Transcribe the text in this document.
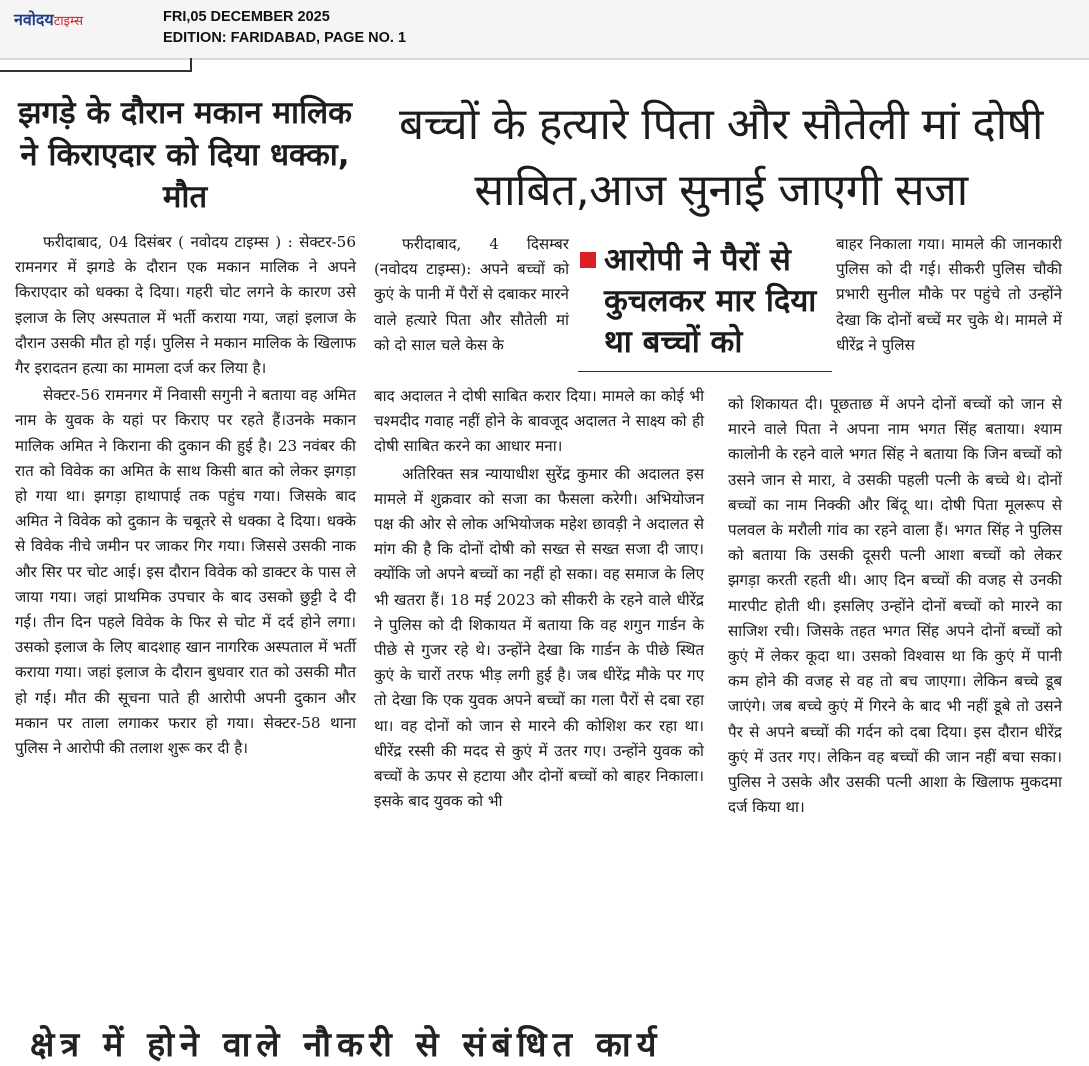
नवोदयटाइम्स	FRI,05 DECEMBER 2025
EDITION: FARIDABAD, PAGE NO. 1
झगड़े के दौरान मकान मालिक ने किराएदार को दिया धक्का, मौत
बच्चों के हत्यारे पिता और सौतेली मां दोषी साबित,आज सुनाई जाएगी सजा

फरीदाबाद, 04 दिसंबर ( नवोदय टाइम्स ) : सेक्टर-56 रामनगर में झगडे के दौरान एक मकान मालिक ने अपने किराएदार को धक्का दे दिया। गहरी चोट लगने के कारण उसे इलाज के लिए अस्पताल में भर्ती कराया गया, जहां इलाज के दौरान उसकी मौत हो गई। पुलिस ने मकान मालिक के खिलाफ गैर इरादतन हत्या का मामला दर्ज कर लिया है।

सेक्टर-56 रामनगर में निवासी सगुनी ने बताया वह अमित नाम के युवक के यहां पर किराए पर रहते हैं।उनके मकान मालिक अमित ने किराना की दुकान की हुई है। 23 नवंबर की रात को विवेक का अमित के साथ किसी बात को लेकर झगड़ा हो गया था। झगड़ा हाथापाई तक पहुंच गया। जिसके बाद अमित ने विवेक को दुकान के चबूतरे से धक्का दे दिया। धक्के से विवेक नीचे जमीन पर जाकर गिर गया। जिससे उसकी नाक और सिर पर चोट आई। इस दौरान विवेक को डाक्टर के पास ले जाया गया। जहां प्राथमिक उपचार के बाद उसको छुट्टी दे दी गई। तीन दिन पहले विवेक के फिर से चोट में दर्द होने लगा। उसको इलाज के लिए बादशाह खान नागरिक अस्पताल में भर्ती कराया गया। जहां इलाज के दौरान बुधवार रात को उसकी मौत हो गई। मौत की सूचना पाते ही आरोपी अपनी दुकान और मकान पर ताला लगाकर फरार हो गया। सेक्टर-58 थाना पुलिस ने आरोपी की तलाश शुरू कर दी है।

फरीदाबाद, 4 दिसम्बर (नवोदय टाइम्स): अपने बच्चों को कुएं के पानी में पैरों से दबाकर मारने वाले हत्यारे पिता और सौतेली मां को दो साल चले केस के

आरोपी ने पैरों से कुचलकर मार दिया था बच्चों को

बाद अदालत ने दोषी साबित करार दिया। मामले का कोई भी चश्मदीद गवाह नहीं होने के बावजूद अदालत ने साक्ष्य को ही दोषी साबित करने का आधार मना।

अतिरिक्त सत्र न्यायाधीश सुरेंद्र कुमार की अदालत इस मामले में शुक्रवार को सजा का फैसला करेगी। अभियोजन पक्ष की ओर से लोक अभियोजक महेश छावड़ी ने अदालत से मांग की है कि दोनों दोषी को सख्त से सख्त सजा दी जाए। क्योंकि जो अपने बच्चों का नहीं हो सका। वह समाज के लिए भी खतरा हैं। 18 मई 2023 को सीकरी के रहने वाले धीरेंद्र ने पुलिस को दी शिकायत में बताया कि वह शगुन गार्डन के पीछे से गुजर रहे थे। उन्होंने देखा कि गार्डन के पीछे स्थित कुएं के चारों तरफ भीड़ लगी हुई है। जब धीरेंद्र मौके पर गए तो देखा कि एक युवक अपने बच्चों का गला पैरों से दबा रहा था। वह दोनों को जान से मारने की कोशिश कर रहा था। धीरेंद्र रस्सी की मदद से कुएं में उतर गए। उन्होंने युवक को बच्चों के ऊपर से हटाया और दोनों बच्चों को बाहर निकाला। इसके बाद युवक को भी

बाहर निकाला गया। मामले की जानकारी पुलिस को दी गई। सीकरी पुलिस चौकी प्रभारी सुनील मौके पर पहुंचे तो उन्होंने देखा कि दोनों बच्चें मर चुके थे। मामले में धीरेंद्र ने पुलिस

को शिकायत दी। पूछताछ में अपने दोनों बच्चों को जान से मारने वाले पिता ने अपना नाम भगत सिंह बताया। श्याम कालोनी के रहने वाले भगत सिंह ने बताया कि जिन बच्चों को उसने जान से मारा, वे उसकी पहली पत्नी के बच्चे थे। दोनों बच्चों का नाम निक्की और बिंदू था। दोषी पिता मूलरूप से पलवल के मरौली गांव का रहने वाला हैं। भगत सिंह ने पुलिस को बताया कि उसकी दूसरी पत्नी आशा बच्चों को लेकर झगड़ा करती रहती थी। आए दिन बच्चों की वजह से उनकी मारपीट होती थी। इसलिए उन्होंने दोनों बच्चों को मारने का साजिश रची। जिसके तहत भगत सिंह अपने दोनों बच्चों को कुएं में लेकर कूदा था। उसको विश्वास था कि कुएं में पानी कम होने की वजह से वह तो बच जाएगा। लेकिन बच्चे डूब जाएंगे। जब बच्चे कुएं में गिरने के बाद भी नहीं डूबे तो उसने पैर से अपने बच्चों की गर्दन को दबा दिया। इस दौरान धीरेंद्र कुएं में उतर गए। लेकिन वह बच्चों की जान नहीं बचा सका। पुलिस ने उसके और उसकी पत्नी आशा के खिलाफ मुकदमा दर्ज किया था।

क्षेत्र में होने वाले नौकरी से संबंधित कार्य
